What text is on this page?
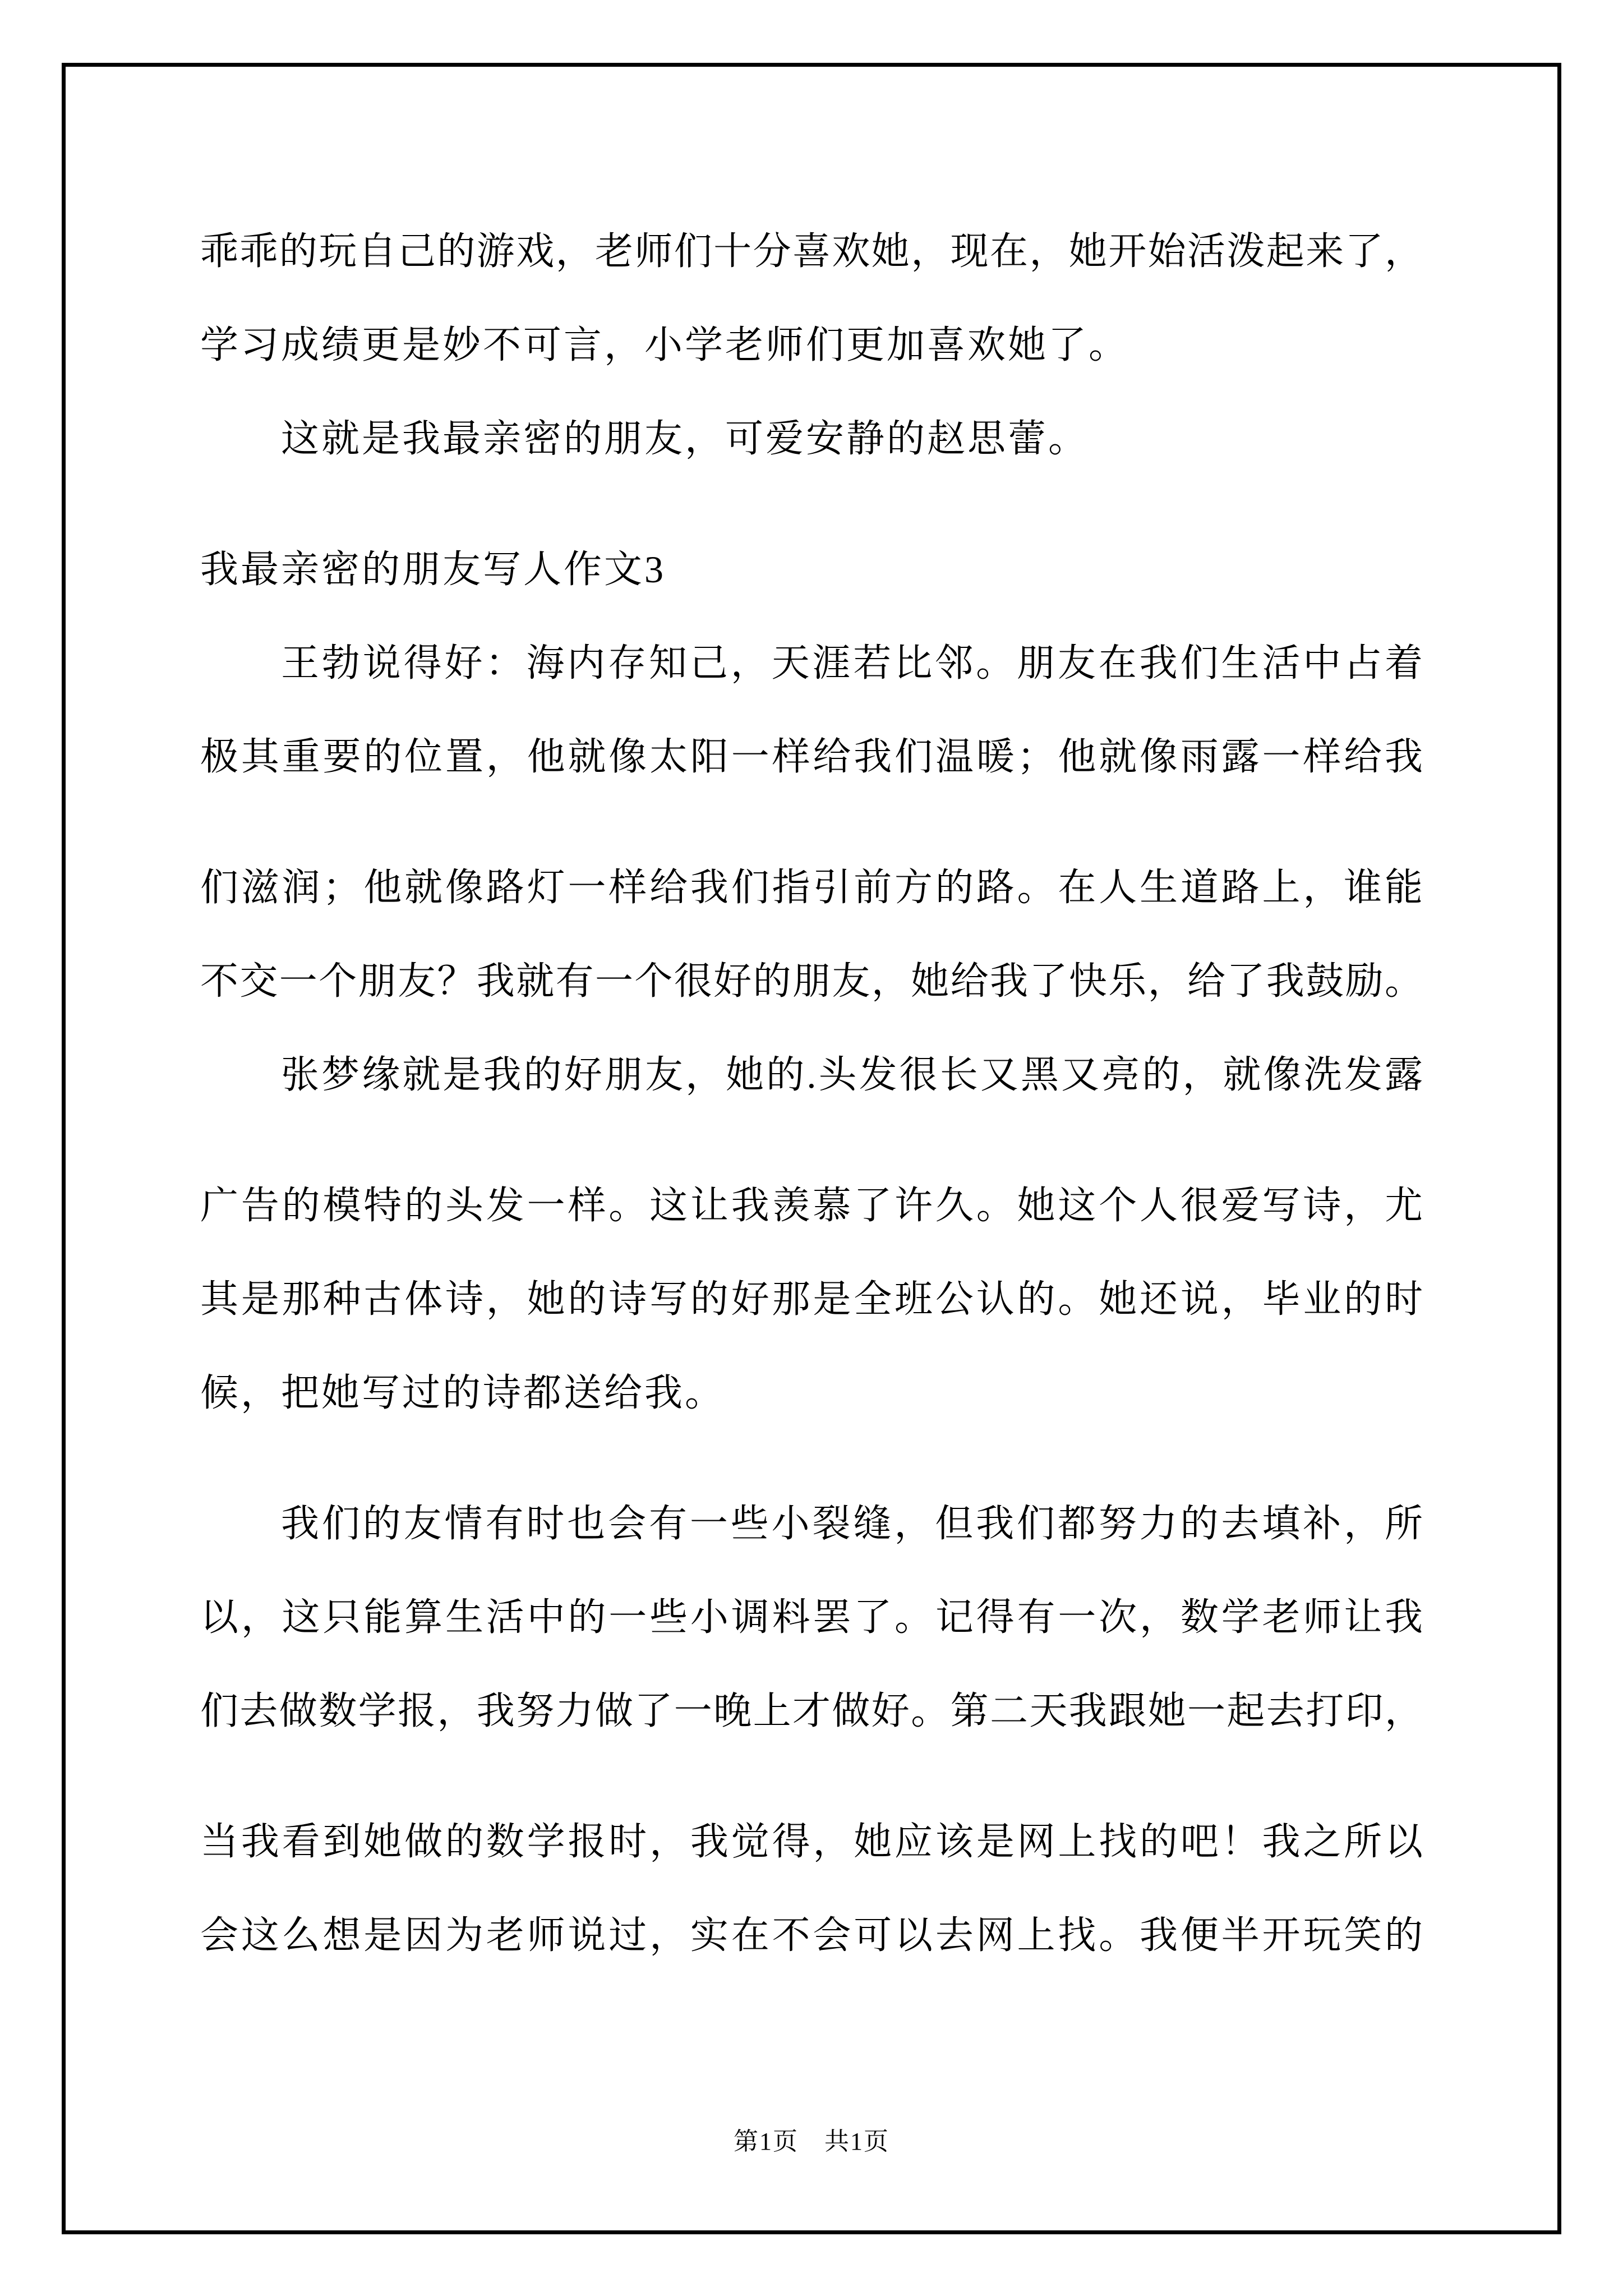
乖乖的玩自己的游戏，老师们十分喜欢她，现在，她开始活泼起来了，
学习成绩更是妙不可言，小学老师们更加喜欢她了。
这就是我最亲密的朋友，可爱安静的赵思蕾。
我最亲密的朋友写人作文3
王勃说得好：海内存知己，天涯若比邻。朋友在我们生活中占着
极其重要的位置，他就像太阳一样给我们温暖；他就像雨露一样给我
们滋润；他就像路灯一样给我们指引前方的路。在人生道路上，谁能
不交一个朋友？我就有一个很好的朋友，她给我了快乐，给了我鼓励。
张梦缘就是我的好朋友，她的.头发很长又黑又亮的，就像洗发露
广告的模特的头发一样。这让我羡慕了许久。她这个人很爱写诗，尤
其是那种古体诗，她的诗写的好那是全班公认的。她还说，毕业的时
候，把她写过的诗都送给我。
我们的友情有时也会有一些小裂缝，但我们都努力的去填补，所
以，这只能算生活中的一些小调料罢了。记得有一次，数学老师让我
们去做数学报，我努力做了一晚上才做好。第二天我跟她一起去打印，
当我看到她做的数学报时，我觉得，她应该是网上找的吧！我之所以
会这么想是因为老师说过，实在不会可以去网上找。我便半开玩笑的
第1页　共1页
